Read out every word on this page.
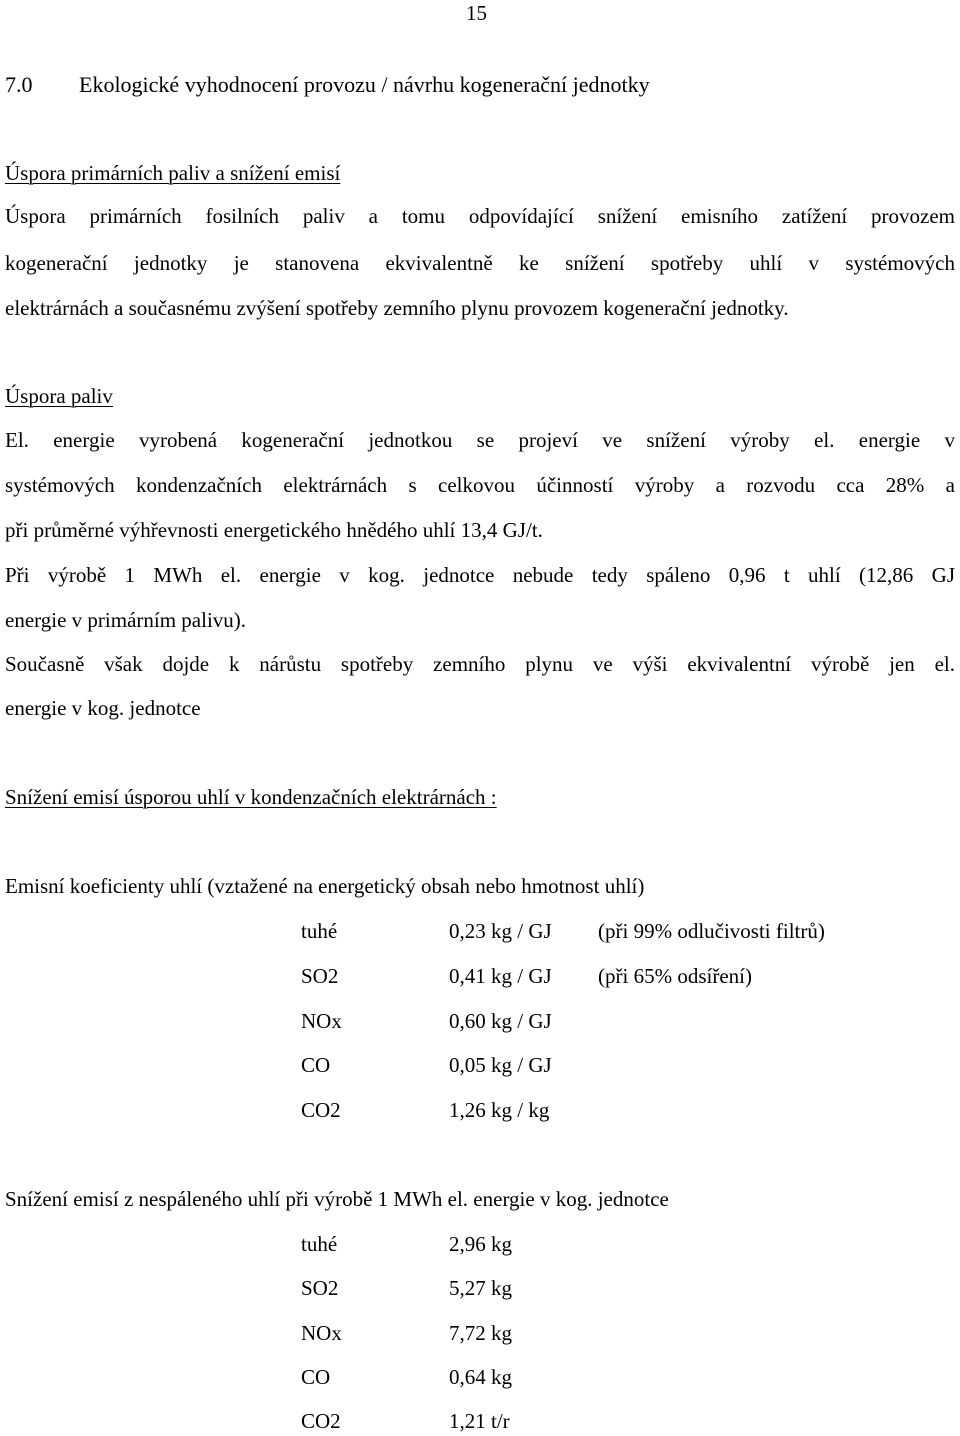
15
7.0 Ekologické vyhodnocení provozu / návrhu kogenerační jednotky
Úspora primárních paliv a snížení emisí
Úspora primárních fosilních paliv a tomu odpovídající snížení emisního zatížení provozem
kogenerační jednotky je stanovena ekvivalentně ke snížení spotřeby uhlí v systémových
elektrárnách a současnému zvýšení spotřeby zemního plynu provozem kogenerační jednotky.
Úspora paliv
El. energie vyrobená kogenerační jednotkou se projeví ve snížení výroby el. energie v
systémových kondenzačních elektrárnách s celkovou účinností výroby a rozvodu cca 28% a
při průměrné výhřevnosti energetického hnědého uhlí 13,4 GJ/t.
Při výrobě 1 MWh el. energie v kog. jednotce nebude tedy spáleno 0,96 t uhlí (12,86 GJ
energie v primárním palivu).
Současně však dojde k nárůstu spotřeby zemního plynu ve výši ekvivalentní výrobě jen el.
energie v kog. jednotce
Snížení emisí úsporou uhlí v kondenzačních elektrárnách :
Emisní koeficienty uhlí (vztažené na energetický obsah nebo hmotnost uhlí)
tuhé	0,23 kg / GJ (při 99% odlučivosti filtrů)
SO2	0,41 kg / GJ (při 65% odsíření)
NOx	0,60 kg / GJ
CO	0,05 kg / GJ
CO2	1,26 kg / kg
Snížení emisí z nespáleného uhlí při výrobě 1 MWh el. energie v kog. jednotce
tuhé	2,96 kg
SO2	5,27 kg
NOx	7,72 kg
CO	0,64 kg
CO2	1,21 t/r
